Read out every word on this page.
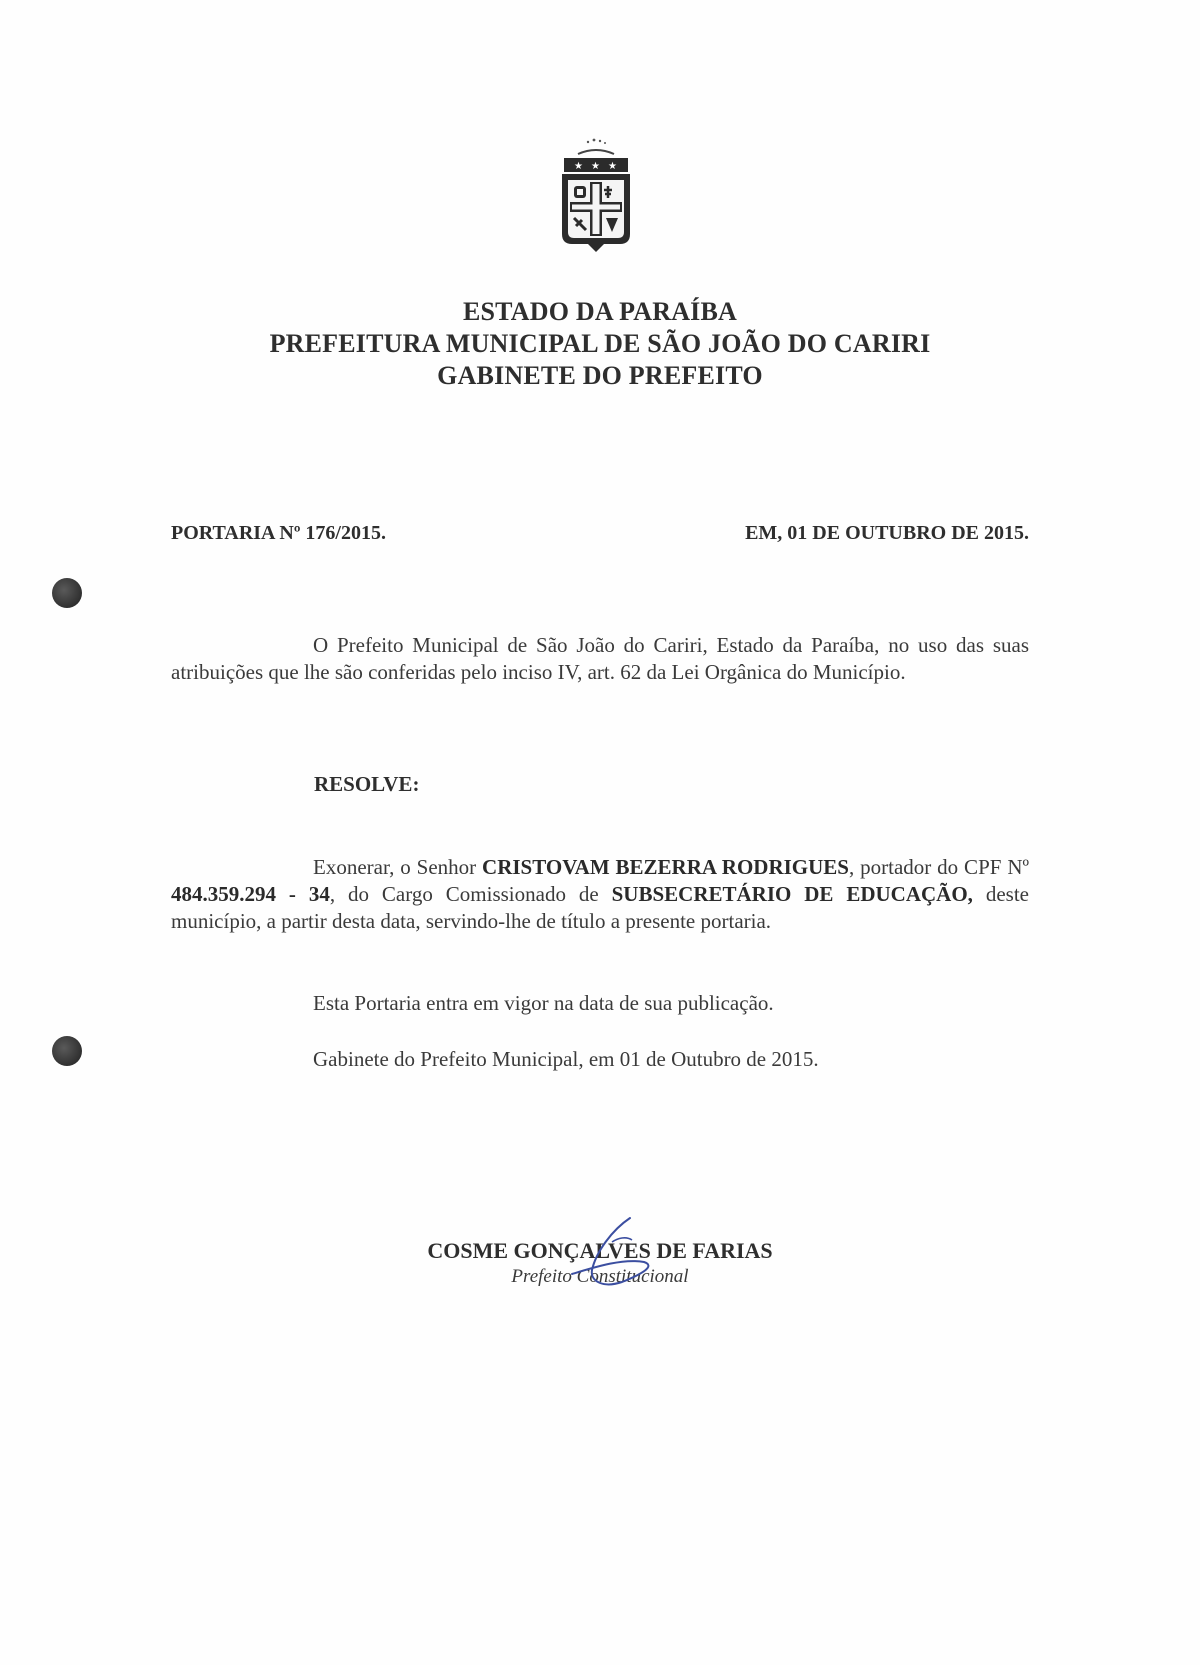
★ ★ ★
ESTADO DA PARAÍBA
PREFEITURA MUNICIPAL DE SÃO JOÃO DO CARIRI
GABINETE DO PREFEITO
PORTARIA Nº 176/2015.	EM, 01 DE OUTUBRO DE 2015.
O Prefeito Municipal de São João do Cariri, Estado da Paraíba, no uso das suas atribuições que lhe são conferidas pelo inciso IV, art. 62 da Lei Orgânica do Município.
RESOLVE:
Exonerar, o Senhor CRISTOVAM BEZERRA RODRIGUES, portador do CPF Nº 484.359.294 - 34, do Cargo Comissionado de SUBSECRETÁRIO DE EDUCAÇÃO, deste município, a partir desta data, servindo-lhe de título a presente portaria.
Esta Portaria entra em vigor na data de sua publicação.
Gabinete do Prefeito Municipal, em 01 de Outubro de 2015.
COSME GONÇALVES DE FARIAS
Prefeito Constitucional
